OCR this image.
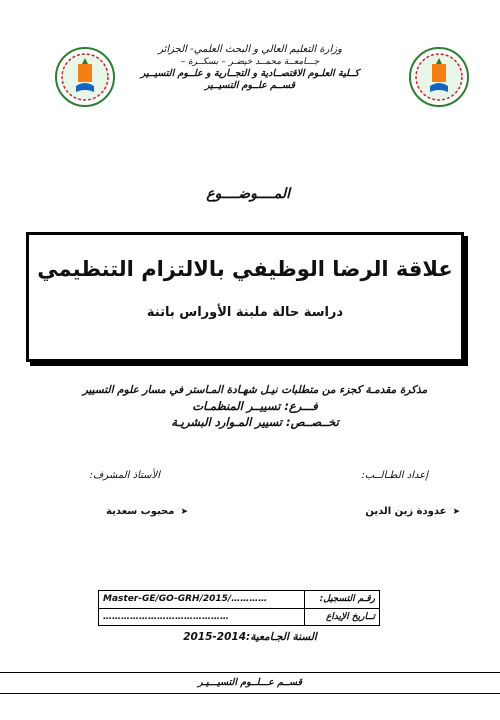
وزارة التعليم العالي و البحث العلمي- الجزائر
جـــامعــة محمــد خيضـر – بسكــرة –
كــلية العلـوم الاقتصــادية و التجــارية و علــوم التسيــير
قســم علــوم التسيــير
المــــوضــــوع
علاقة الرضا الوظيفي بالالتزام التنظيمي
دراسة حالة ملبنة الأوراس باتنة
مذكرة مقدمـة كجزء من متطلبات نيـل شهـادة المـاستر في مسار علوم التسيير
فـــرع: تسييــر المنظمـات
تخــصــص: تسيير المـوارد البشريـة
إعداد الطـالــب:
الأستاذ المشرف:
➤
عدودة زين الدين
➤
محبوب سعدية
رقـم التسجيل:	Master-GE/GO-GRH/2015/…………
تــاريخ الإيداع	……………………………………
السنة الجـامعية:2014-2015
قســم عـــلــوم التسيـــيـر
